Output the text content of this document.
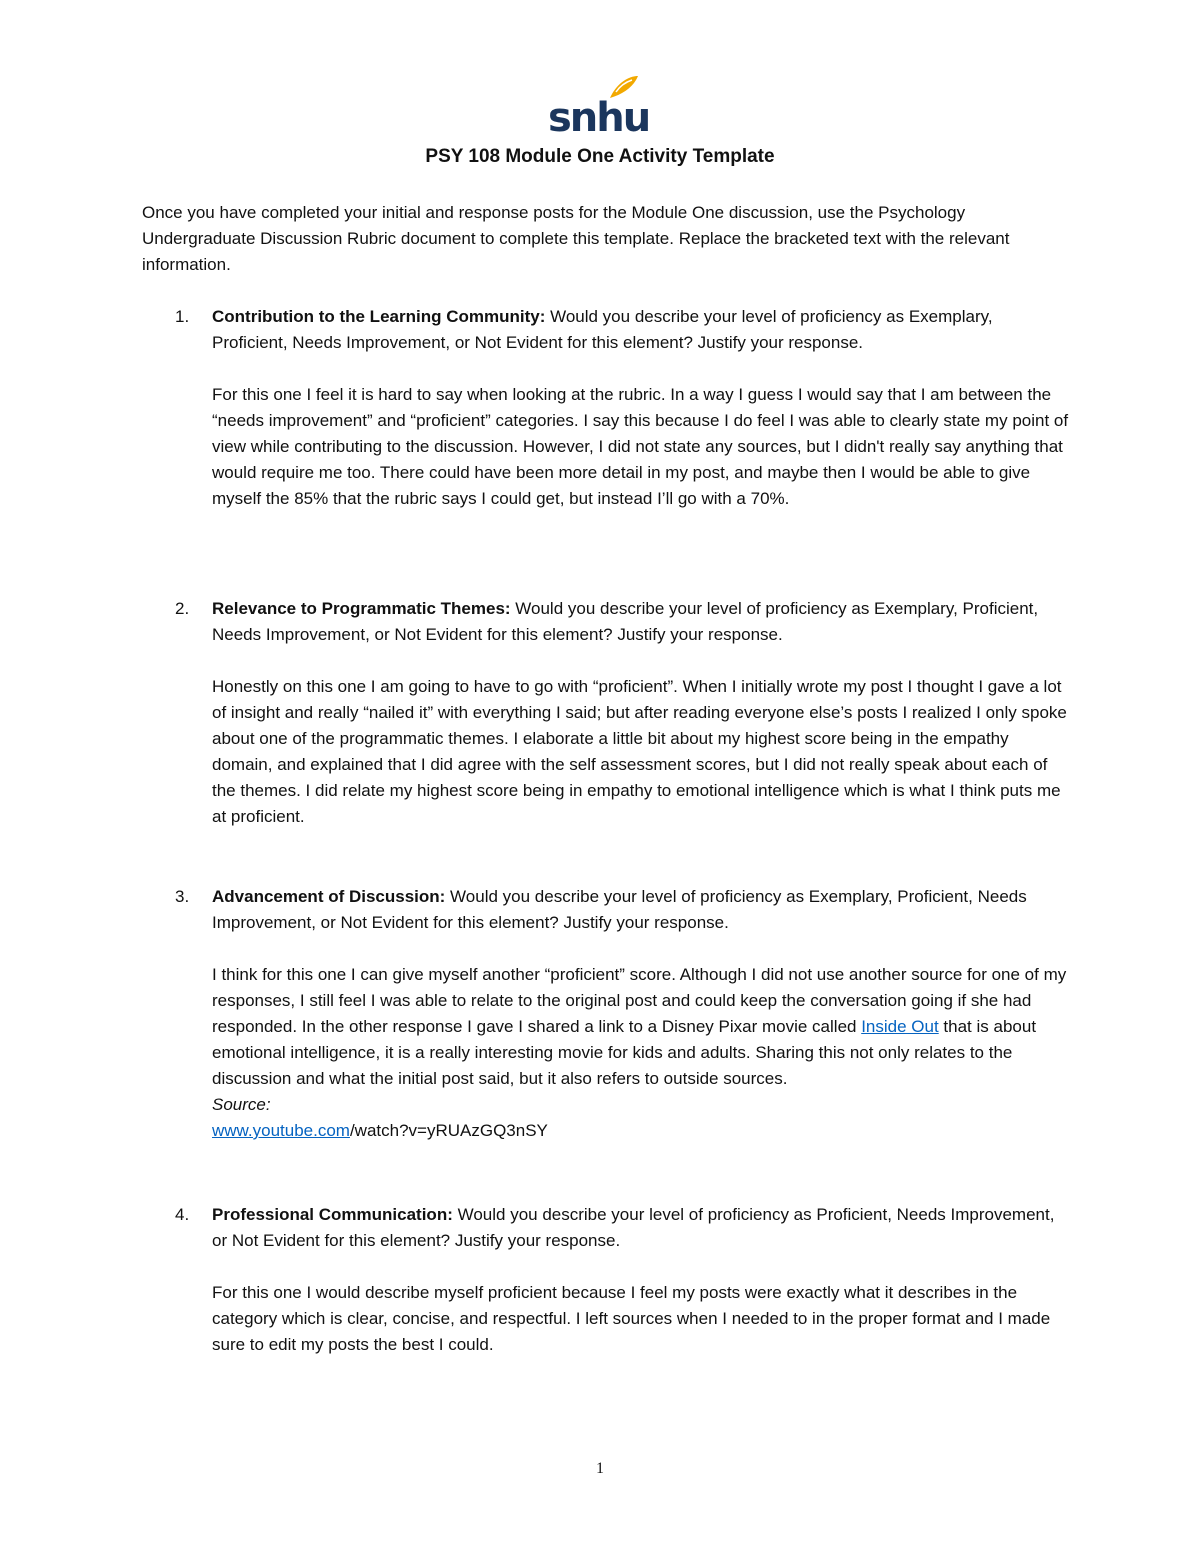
snhu
PSY 108 Module One Activity Template

Once you have completed your initial and response posts for the Module One discussion, use the Psychology Undergraduate Discussion Rubric document to complete this template. Replace the bracketed text with the relevant information.

1. Contribution to the Learning Community: Would you describe your level of proficiency as Exemplary, Proficient, Needs Improvement, or Not Evident for this element? Justify your response.

For this one I feel it is hard to say when looking at the rubric. In a way I guess I would say that I am between the “needs improvement” and “proficient” categories. I say this because I do feel I was able to clearly state my point of view while contributing to the discussion. However, I did not state any sources, but I didn't really say anything that would require me too. There could have been more detail in my post, and maybe then I would be able to give myself the 85% that the rubric says I could get, but instead I’ll go with a 70%.

2. Relevance to Programmatic Themes: Would you describe your level of proficiency as Exemplary, Proficient, Needs Improvement, or Not Evident for this element? Justify your response.

Honestly on this one I am going to have to go with “proficient”. When I initially wrote my post I thought I gave a lot of insight and really “nailed it” with everything I said; but after reading everyone else’s posts I realized I only spoke about one of the programmatic themes. I elaborate a little bit about my highest score being in the empathy domain, and explained that I did agree with the self assessment scores, but I did not really speak about each of the themes. I did relate my highest score being in empathy to emotional intelligence which is what I think puts me at proficient.

3. Advancement of Discussion: Would you describe your level of proficiency as Exemplary, Proficient, Needs Improvement, or Not Evident for this element? Justify your response.

I think for this one I can give myself another “proficient” score. Although I did not use another source for one of my responses, I still feel I was able to relate to the original post and could keep the conversation going if she had responded. In the other response I gave I shared a link to a Disney Pixar movie called Inside Out that is about emotional intelligence, it is a really interesting movie for kids and adults. Sharing this not only relates to the discussion and what the initial post said, but it also refers to outside sources.

Source:

www.youtube.com/watch?v=yRUAzGQ3nSY

4. Professional Communication: Would you describe your level of proficiency as Proficient, Needs Improvement, or Not Evident for this element? Justify your response.

For this one I would describe myself proficient because I feel my posts were exactly what it describes in the category which is clear, concise, and respectful. I left sources when I needed to in the proper format and I made sure to edit my posts the best I could.

1
